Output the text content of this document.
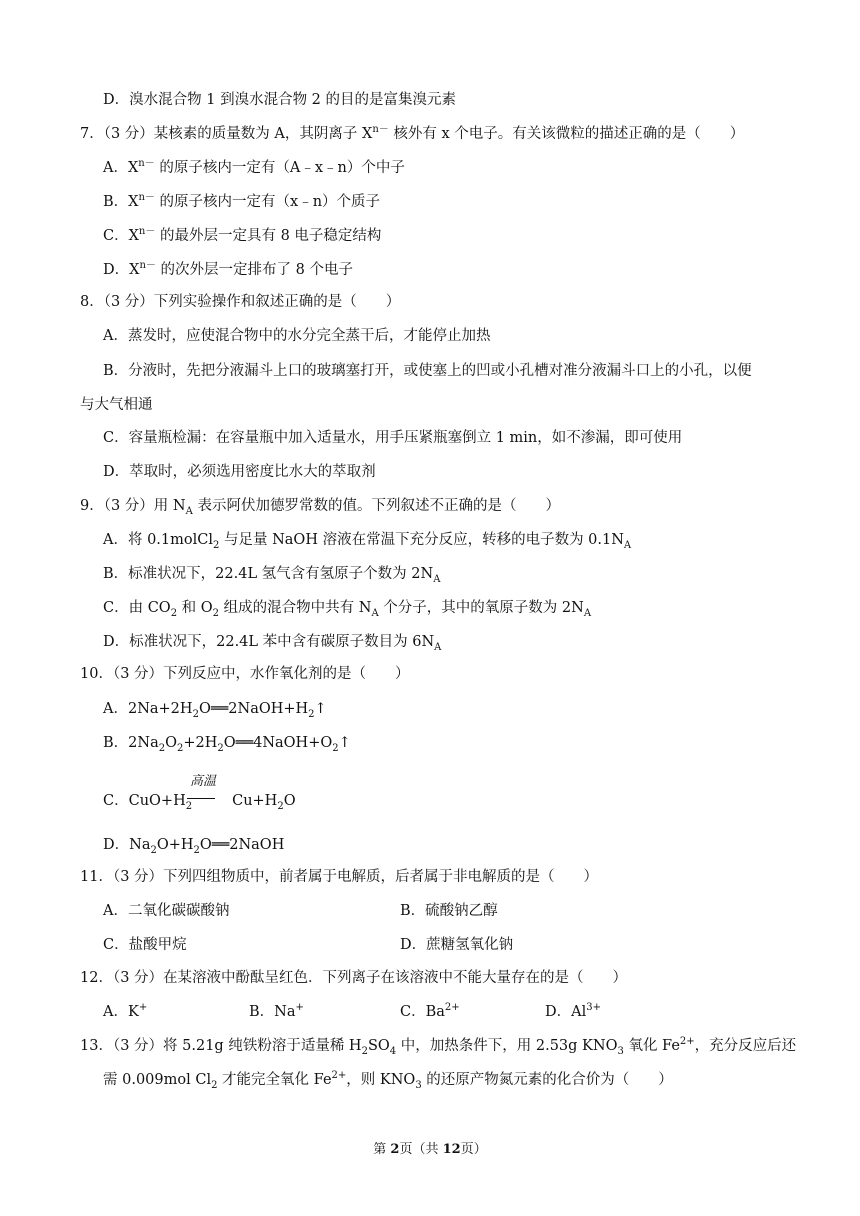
D．溴水混合物 1 到溴水混合物 2 的目的是富集溴元素
7．（3 分）某核素的质量数为 A，其阴离子 $X^{n-}$ 核外有 x 个电子。有关该微粒的描述正确的是（　　）
A．$X^{n-}$ 的原子核内一定有（A﹣x﹣n）个中子
B．$X^{n-}$ 的原子核内一定有（x﹣n）个质子
C．$X^{n-}$ 的最外层一定具有 8 电子稳定结构
D．$X^{n-}$ 的次外层一定排布了 8 个电子
8．（3 分）下列实验操作和叙述正确的是（　　）
A．蒸发时，应使混合物中的水分完全蒸干后，才能停止加热
B．分液时，先把分液漏斗上口的玻璃塞打开，或使塞上的凹或小孔槽对准分液漏斗口上的小孔，以便
与大气相通
C．容量瓶检漏：在容量瓶中加入适量水，用手压紧瓶塞倒立 1 min，如不渗漏，即可使用
D．萃取时，必须选用密度比水大的萃取剂
9．（3 分）用 $N_A$ 表示阿伏加德罗常数的值。下列叙述不正确的是（　　）
A．将 0.1molCl$_2$ 与足量 NaOH 溶液在常温下充分反应，转移的电子数为 $0.1N_A$
B．标准状况下，22.4L 氢气含有氢原子个数为 $2N_A$
C．由 $CO_2$ 和 $O_2$ 组成的混合物中共有 $N_A$ 个分子，其中的氧原子数为 $2N_A$
D．标准状况下，22.4L 苯中含有碳原子数目为 $6N_A$
10．（3 分）下列反应中，水作氧化剂的是（　　）
A．$2Na+2H_2O══2NaOH+H_2↑$
B．$2Na_2O_2+2H_2O══4NaOH+O_2↑$
高温
C．$CuO+H_2$	$Cu+H_2O$
D．$Na_2O+H_2O══2NaOH$
11．（3 分）下列四组物质中，前者属于电解质，后者属于非电解质的是（　　）
A．二氧化碳碳酸钠	B．硫酸钠乙醇
C．盐酸甲烷	D．蔗糖氢氧化钠
12．（3 分）在某溶液中酚酞呈红色．下列离子在该溶液中不能大量存在的是（　　）
A．K+	B．Na+	C．$Ba^{2+}$	D．$Al^{3+}$
13．（3 分）将 5.21g 纯铁粉溶于适量稀 $H_2SO_4$ 中，加热条件下，用 2.53g $KNO_3$ 氧化 $Fe^{2+}$，充分反应后还
需 0.009mol $Cl_2$ 才能完全氧化 $Fe^{2+}$，则 $KNO_3$ 的还原产物氮元素的化合价为（　　）
第 2页（共 12页）
